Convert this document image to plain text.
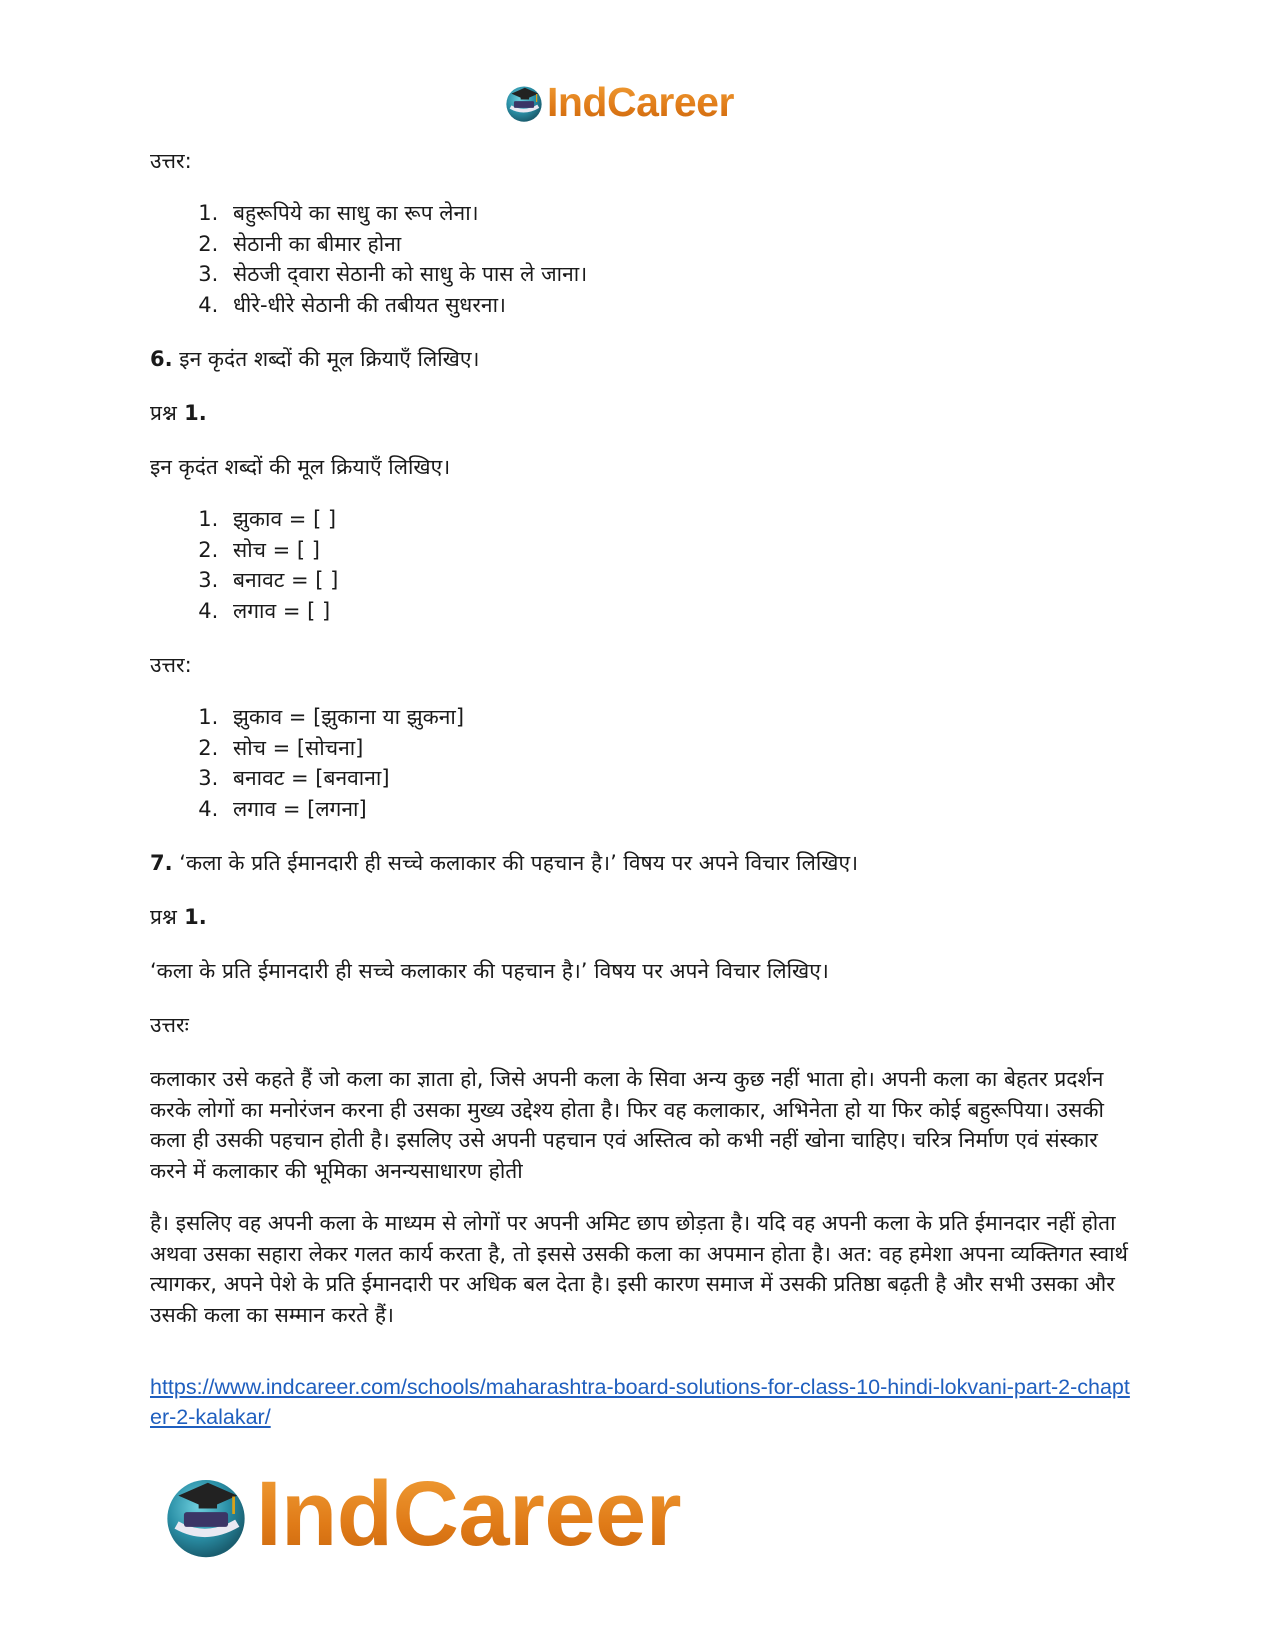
IndCareer

उत्तर:

1. बहुरूपिये का साधु का रूप लेना।
2. सेठानी का बीमार होना
3. सेठजी द्‌वारा सेठानी को साधु के पास ले जाना।
4. धीरे-धीरे सेठानी की तबीयत सुधरना।

6. इन कृदंत शब्दों की मूल क्रियाएँ लिखिए।

प्रश्न 1.

इन कृदंत शब्दों की मूल क्रियाएँ लिखिए।

1. झुकाव = [ ]
2. सोच = [ ]
3. बनावट = [ ]
4. लगाव = [ ]

उत्तर:

1. झुकाव = [झुकाना या झुकना]
2. सोच = [सोचना]
3. बनावट = [बनवाना]
4. लगाव = [लगना]

7. ‘कला के प्रति ईमानदारी ही सच्चे कलाकार की पहचान है।’ विषय पर अपने विचार लिखिए।

प्रश्न 1.

‘कला के प्रति ईमानदारी ही सच्चे कलाकार की पहचान है।’ विषय पर अपने विचार लिखिए।

उत्तरः

कलाकार उसे कहते हैं जो कला का ज्ञाता हो, जिसे अपनी कला के सिवा अन्य कुछ नहीं भाता हो। अपनी कला का बेहतर प्रदर्शन करके लोगों का मनोरंजन करना ही उसका मुख्य उद्देश्य होता है। फिर वह कलाकार, अभिनेता हो या फिर कोई बहुरूपिया। उसकी कला ही उसकी पहचान होती है। इसलिए उसे अपनी पहचान एवं अस्तित्व को कभी नहीं खोना चाहिए। चरित्र निर्माण एवं संस्कार करने में कलाकार की भूमिका अनन्यसाधारण होती

है। इसलिए वह अपनी कला के माध्यम से लोगों पर अपनी अमिट छाप छोड़ता है। यदि वह अपनी कला के प्रति ईमानदार नहीं होता अथवा उसका सहारा लेकर गलत कार्य करता है, तो इससे उसकी कला का अपमान होता है। अत: वह हमेशा अपना व्यक्तिगत स्वार्थ त्यागकर, अपने पेशे के प्रति ईमानदारी पर अधिक बल देता है। इसी कारण समाज में उसकी प्रतिष्ठा बढ़ती है और सभी उसका और उसकी कला का सम्मान करते हैं।

https://www.indcareer.com/schools/maharashtra-board-solutions-for-class-10-hindi-lokvani-part-2-chapter-2-kalakar/
IndCareer
